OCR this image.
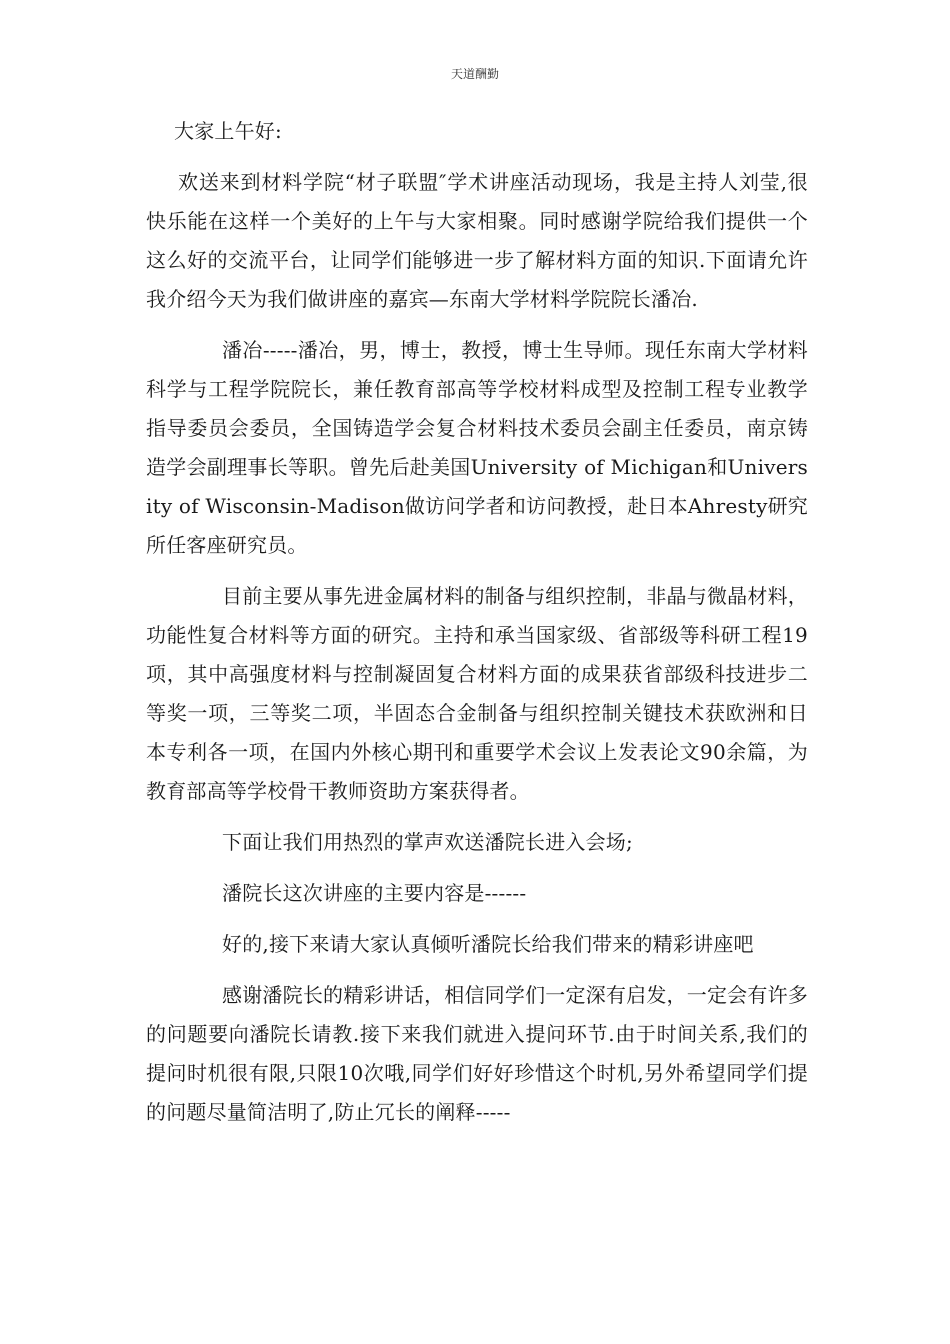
天道酬勤

大家上午好:

欢送来到材料学院“材子联盟″学术讲座活动现场，我是主持人刘莹,很快乐能在这样一个美好的上午与大家相聚。同时感谢学院给我们提供一个这么好的交流平台，让同学们能够进一步了解材料方面的知识.下面请允许我介绍今天为我们做讲座的嘉宾—东南大学材料学院院长潘冶.

潘冶-----潘冶，男，博士，教授，博士生导师。现任东南大学材料科学与工程学院院长，兼任教育部高等学校材料成型及控制工程专业教学指导委员会委员，全国铸造学会复合材料技术委员会副主任委员，南京铸造学会副理事长等职。曾先后赴美国University of Michigan和University of Wisconsin-Madison做访问学者和访问教授，赴日本Ahresty研究所任客座研究员。

目前主要从事先进金属材料的制备与组织控制，非晶与微晶材料，功能性复合材料等方面的研究。主持和承当国家级、省部级等科研工程19项，其中高强度材料与控制凝固复合材料方面的成果获省部级科技进步二等奖一项，三等奖二项，半固态合金制备与组织控制关键技术获欧洲和日本专利各一项，在国内外核心期刊和重要学术会议上发表论文90余篇，为教育部高等学校骨干教师资助方案获得者。

下面让我们用热烈的掌声欢送潘院长进入会场;

潘院长这次讲座的主要内容是------

好的,接下来请大家认真倾听潘院长给我们带来的精彩讲座吧

感谢潘院长的精彩讲话，相信同学们一定深有启发，一定会有许多的问题要向潘院长请教.接下来我们就进入提问环节.由于时间关系,我们的提问时机很有限,只限10次哦,同学们好好珍惜这个时机,另外希望同学们提的问题尽量简洁明了,防止冗长的阐释-----
